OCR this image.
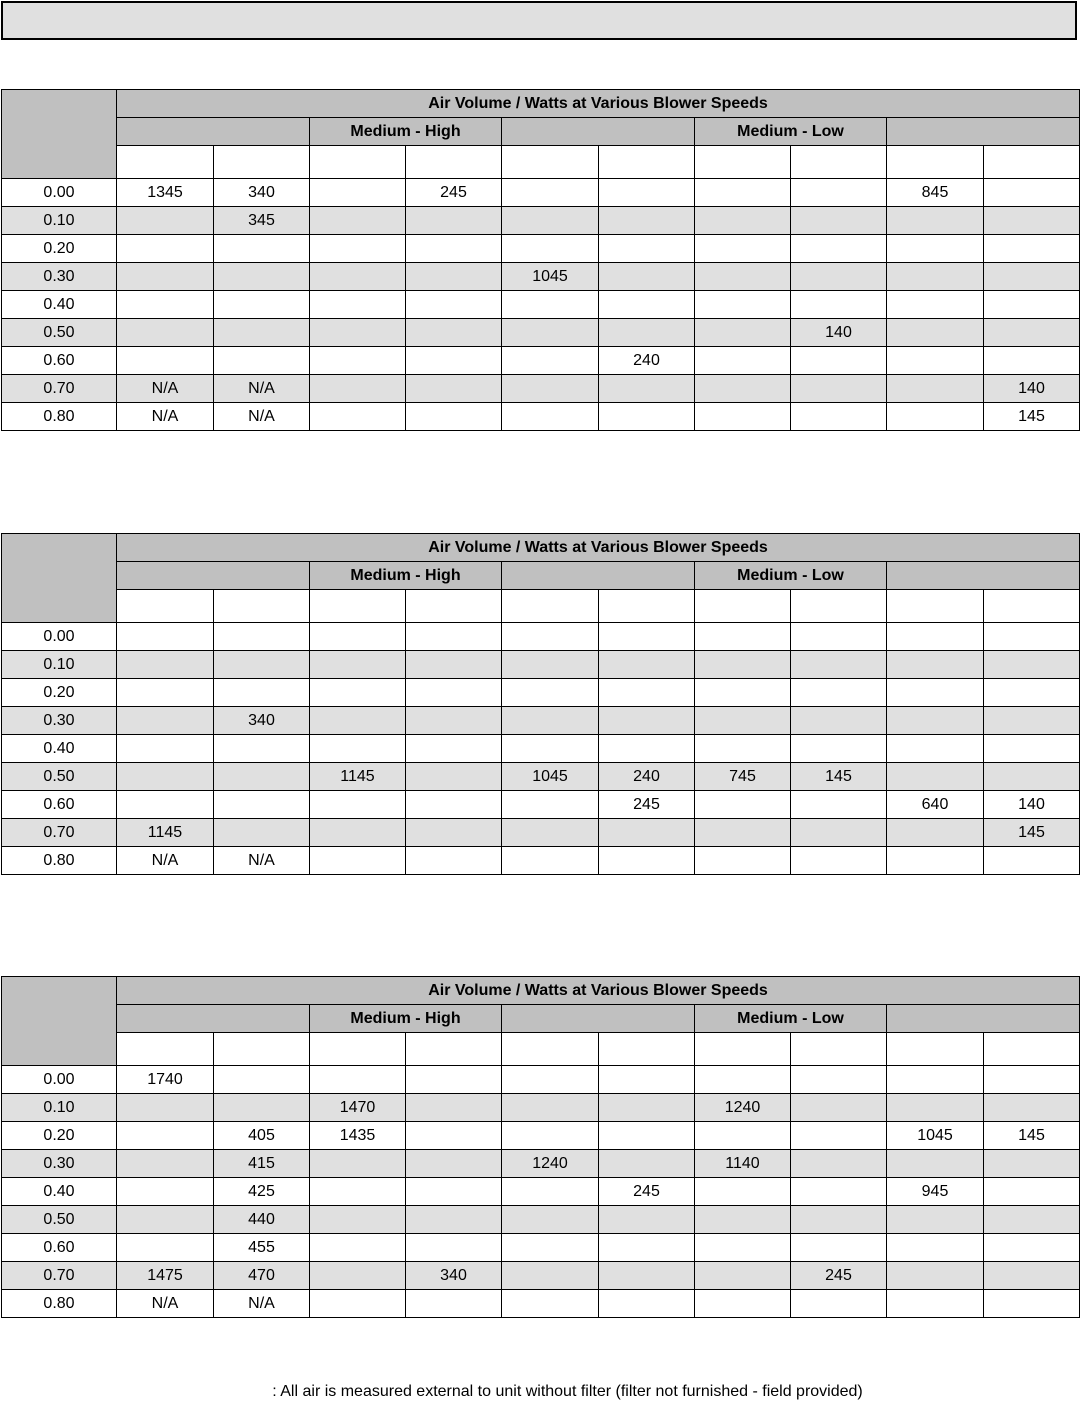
	Air Volume / Watts at Various Blower Speeds									
			Medium - High				Medium - Low			

0.00	1345	340		245					845	
0.10		345								
0.20										
0.30					1045					
0.40										
0.50								140		
0.60						240				
0.70	N/A	N/A								140
0.80	N/A	N/A								145
	Air Volume / Watts at Various Blower Speeds									
			Medium - High				Medium - Low			

0.00										
0.10										
0.20										
0.30		340								
0.40										
0.50			1145		1045	240	745	145		
0.60						245			640	140
0.70	1145									145
0.80	N/A	N/A								
	Air Volume / Watts at Various Blower Speeds									
			Medium - High				Medium - Low			

0.00	1740									
0.10			1470				1240			
0.20		405	1435						1045	145
0.30		415			1240		1140			
0.40		425				245			945	
0.50		440								
0.60		455								
0.70	1475	470		340				245		
0.80	N/A	N/A								
: All air is measured external to unit without filter (filter not furnished - field provided)
